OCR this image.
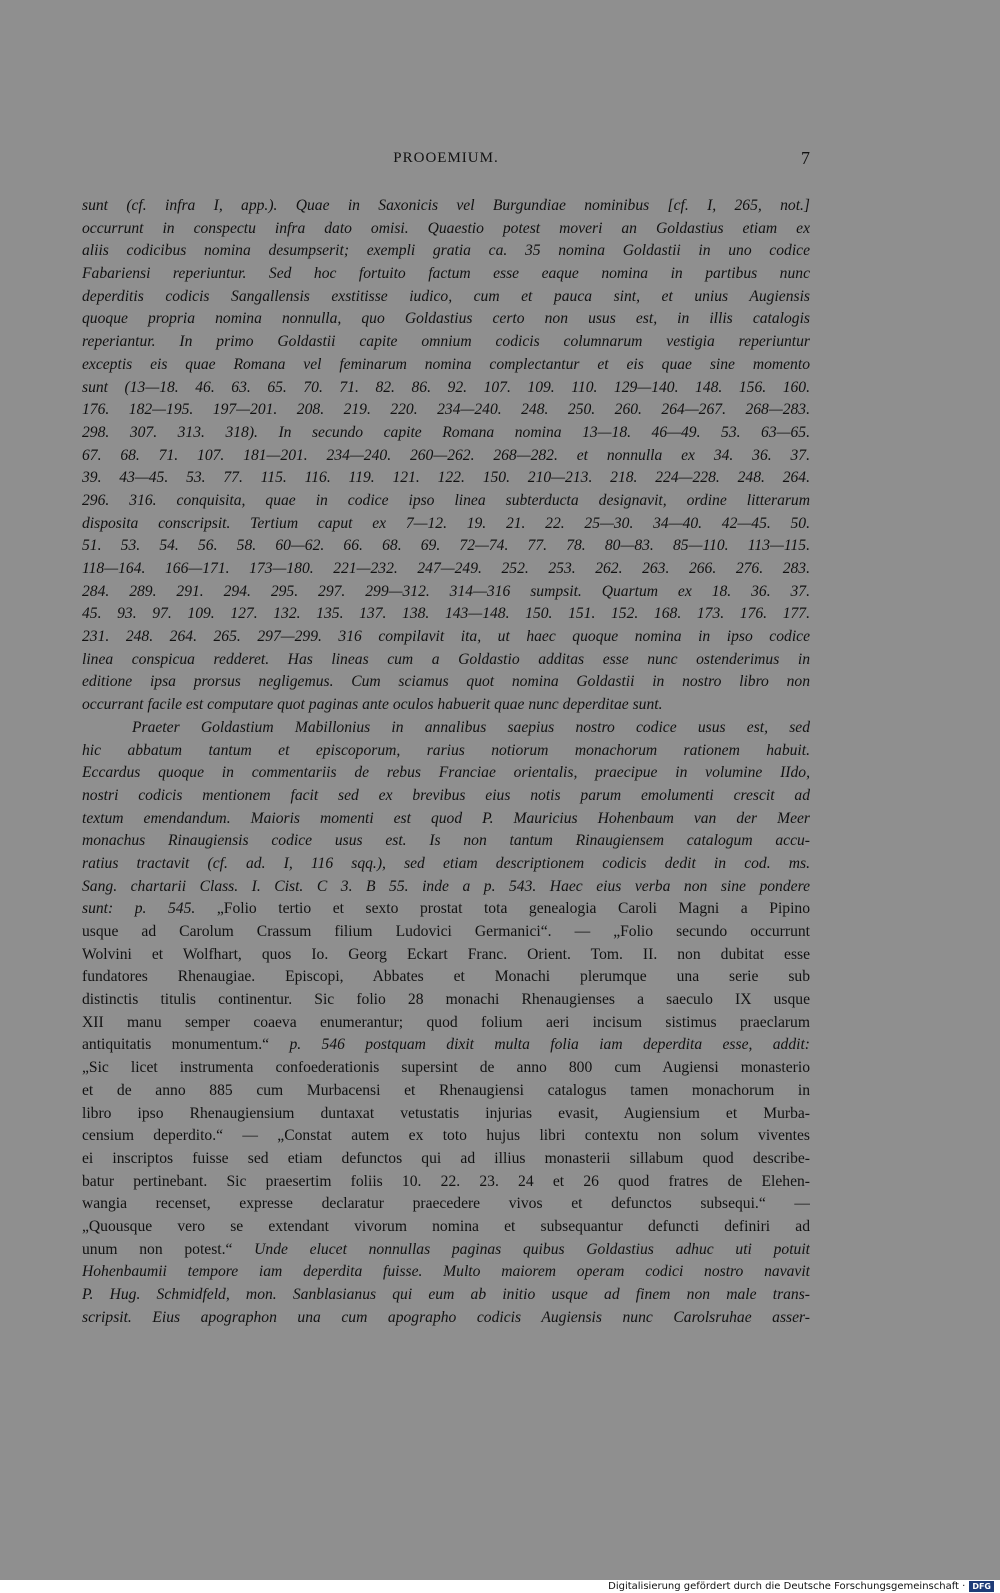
PROOEMIUM.	7
sunt (cf. infra I, app.). Quae in Saxonicis vel Burgundiae nominibus [cf. I, 265, not.]
occurrunt in conspectu infra dato omisi. Quaestio potest moveri an Goldastius etiam ex
aliis codicibus nomina desumpserit; exempli gratia ca. 35 nomina Goldastii in uno codice
Fabariensi reperiuntur. Sed hoc fortuito factum esse eaque nomina in partibus nunc
deperditis codicis Sangallensis exstitisse iudico, cum et pauca sint, et unius Augiensis
quoque propria nomina nonnulla, quo Goldastius certo non usus est, in illis catalogis
reperiantur. In primo Goldastii capite omnium codicis columnarum vestigia reperiuntur
exceptis eis quae Romana vel feminarum nomina complectantur et eis quae sine momento
sunt (13—18. 46. 63. 65. 70. 71. 82. 86. 92. 107. 109. 110. 129—140. 148. 156. 160.
176. 182—195. 197—201. 208. 219. 220. 234—240. 248. 250. 260. 264—267. 268—283.
298. 307. 313. 318). In secundo capite Romana nomina 13—18. 46—49. 53. 63—65.
67. 68. 71. 107. 181—201. 234—240. 260—262. 268—282. et nonnulla ex 34. 36. 37.
39. 43—45. 53. 77. 115. 116. 119. 121. 122. 150. 210—213. 218. 224—228. 248. 264.
296. 316. conquisita, quae in codice ipso linea subterducta designavit, ordine litterarum
disposita conscripsit. Tertium caput ex 7—12. 19. 21. 22. 25—30. 34—40. 42—45. 50.
51. 53. 54. 56. 58. 60—62. 66. 68. 69. 72—74. 77. 78. 80—83. 85—110. 113—115.
118—164. 166—171. 173—180. 221—232. 247—249. 252. 253. 262. 263. 266. 276. 283.
284. 289. 291. 294. 295. 297. 299—312. 314—316 sumpsit. Quartum ex 18. 36. 37.
45. 93. 97. 109. 127. 132. 135. 137. 138. 143—148. 150. 151. 152. 168. 173. 176. 177.
231. 248. 264. 265. 297—299. 316 compilavit ita, ut haec quoque nomina in ipso codice
linea conspicua redderet. Has lineas cum a Goldastio additas esse nunc ostenderimus in
editione ipsa prorsus negligemus. Cum sciamus quot nomina Goldastii in nostro libro non
occurrant facile est computare quot paginas ante oculos habuerit quae nunc deperditae sunt.
Praeter Goldastium Mabillonius in annalibus saepius nostro codice usus est, sed
hic abbatum tantum et episcoporum, rarius notiorum monachorum rationem habuit.
Eccardus quoque in commentariis de rebus Franciae orientalis, praecipue in volumine IIdo,
nostri codicis mentionem facit sed ex brevibus eius notis parum emolumenti crescit ad
textum emendandum. Maioris momenti est quod P. Mauricius Hohenbaum van der Meer
monachus Rinaugiensis codice usus est. Is non tantum Rinaugiensem catalogum accu-
ratius tractavit (cf. ad. I, 116 sqq.), sed etiam descriptionem codicis dedit in cod. ms.
Sang. chartarii Class. I. Cist. C 3. B 55. inde a p. 543. Haec eius verba non sine pondere
sunt: p. 545. „Folio tertio et sexto prostat tota genealogia Caroli Magni a Pipino
usque ad Carolum Crassum filium Ludovici Germanici“. — „Folio secundo occurrunt
Wolvini et Wolfhart, quos Io. Georg Eckart Franc. Orient. Tom. II. non dubitat esse
fundatores Rhenaugiae. Episcopi, Abbates et Monachi plerumque una serie sub
distinctis titulis continentur. Sic folio 28 monachi Rhenaugienses a saeculo IX usque
XII manu semper coaeva enumerantur; quod folium aeri incisum sistimus praeclarum
antiquitatis monumentum.“ p. 546 postquam dixit multa folia iam deperdita esse, addit:
„Sic licet instrumenta confoederationis supersint de anno 800 cum Augiensi monasterio
et de anno 885 cum Murbacensi et Rhenaugiensi catalogus tamen monachorum in
libro ipso Rhenaugiensium duntaxat vetustatis injurias evasit, Augiensium et Murba-
censium deperdito.“ — „Constat autem ex toto hujus libri contextu non solum viventes
ei inscriptos fuisse sed etiam defunctos qui ad illius monasterii sillabum quod describe-
batur pertinebant. Sic praesertim foliis 10. 22. 23. 24 et 26 quod fratres de Elehen-
wangia recenset, expresse declaratur praecedere vivos et defunctos subsequi.“ —
„Quousque vero se extendant vivorum nomina et subsequantur defuncti definiri ad
unum non potest.“ Unde elucet nonnullas paginas quibus Goldastius adhuc uti potuit
Hohenbaumii tempore iam deperdita fuisse. Multo maiorem operam codici nostro navavit
P. Hug. Schmidfeld, mon. Sanblasianus qui eum ab initio usque ad finem non male trans-
scripsit. Eius apographon una cum apographo codicis Augiensis nunc Carolsruhae asser-
Digitalisierung gefördert durch die Deutsche Forschungsgemeinschaft · DFG
